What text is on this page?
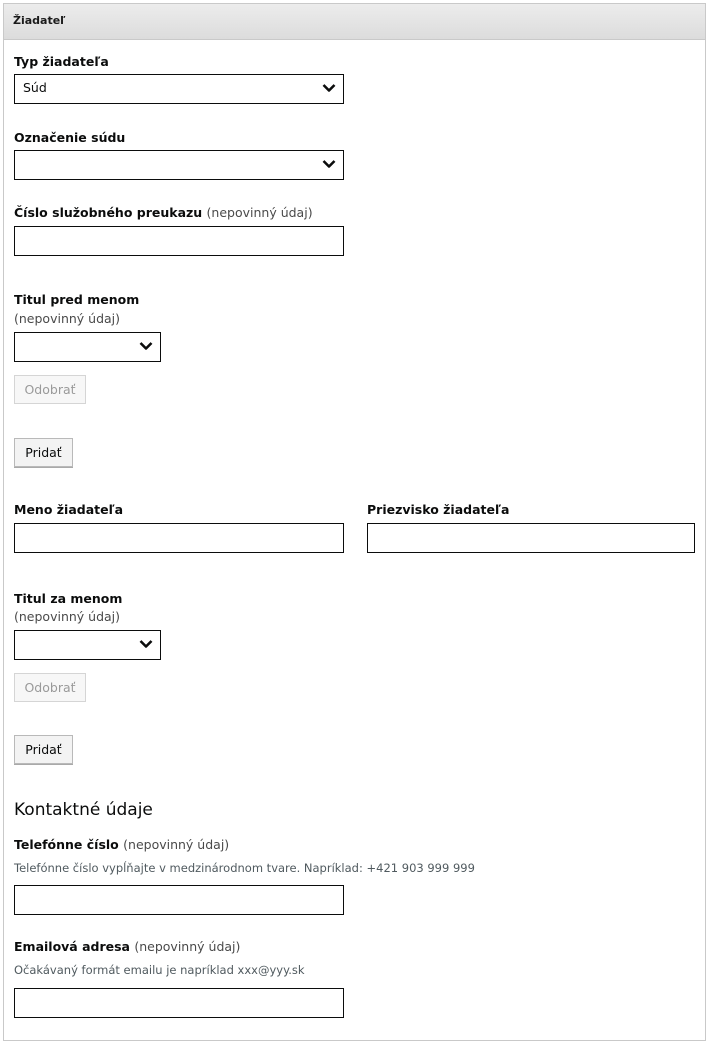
Žiadateľ
Typ žiadateľa
Súd
Označenie súdu
Číslo služobného preukazu (nepovinný údaj)
Titul pred menom
(nepovinný údaj)
Odobrať
Pridať
Meno žiadateľa	Priezvisko žiadateľa
Titul za menom
(nepovinný údaj)
Odobrať
Pridať
Kontaktné údaje
Telefónne číslo (nepovinný údaj)
Telefónne číslo vypĺňajte v medzinárodnom tvare. Napríklad: +421 903 999 999
Emailová adresa (nepovinný údaj)
Očakávaný formát emailu je napríklad xxx@yyy.sk
